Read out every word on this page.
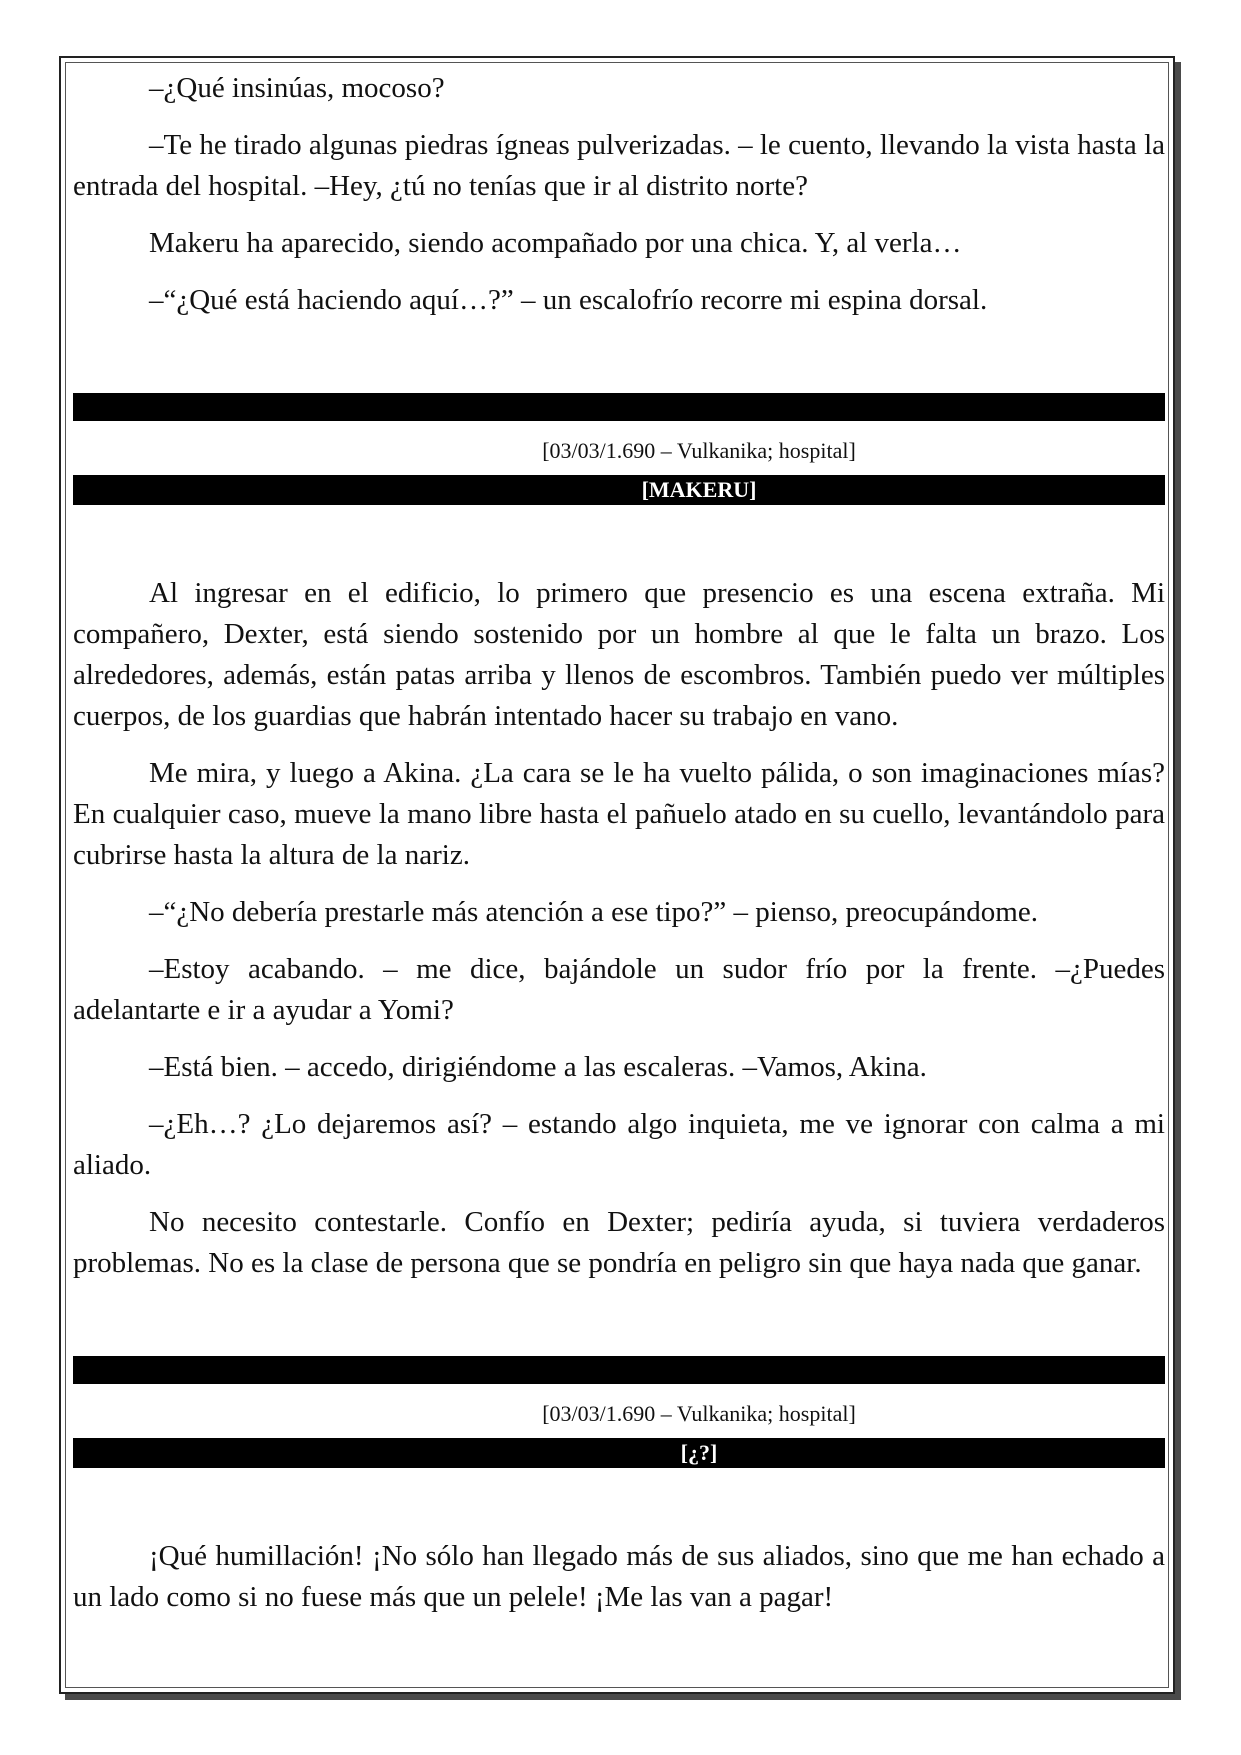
–¿Qué insinúas, mocoso?

–Te he tirado algunas piedras ígneas pulverizadas. – le cuento, llevando la vista hasta la entrada del hospital. –Hey, ¿tú no tenías que ir al distrito norte?

Makeru ha aparecido, siendo acompañado por una chica. Y, al verla…

–“¿Qué está haciendo aquí…?” – un escalofrío recorre mi espina dorsal.

[03/03/1.690 – Vulkanika; hospital]
[MAKERU]

Al ingresar en el edificio, lo primero que presencio es una escena extraña. Mi compañero, Dexter, está siendo sostenido por un hombre al que le falta un brazo. Los alrededores, además, están patas arriba y llenos de escombros. También puedo ver múltiples cuerpos, de los guardias que habrán intentado hacer su trabajo en vano.

Me mira, y luego a Akina. ¿La cara se le ha vuelto pálida, o son imaginaciones mías? En cualquier caso, mueve la mano libre hasta el pañuelo atado en su cuello, levantándolo para cubrirse hasta la altura de la nariz.

–“¿No debería prestarle más atención a ese tipo?” – pienso, preocupándome.

–Estoy acabando. – me dice, bajándole un sudor frío por la frente. –¿Puedes adelantarte e ir a ayudar a Yomi?

–Está bien. – accedo, dirigiéndome a las escaleras. –Vamos, Akina.

–¿Eh…? ¿Lo dejaremos así? – estando algo inquieta, me ve ignorar con calma a mi aliado.

No necesito contestarle. Confío en Dexter; pediría ayuda, si tuviera verdaderos problemas. No es la clase de persona que se pondría en peligro sin que haya nada que ganar.

[03/03/1.690 – Vulkanika; hospital]
[¿?]

¡Qué humillación! ¡No sólo han llegado más de sus aliados, sino que me han echado a un lado como si no fuese más que un pelele! ¡Me las van a pagar!
